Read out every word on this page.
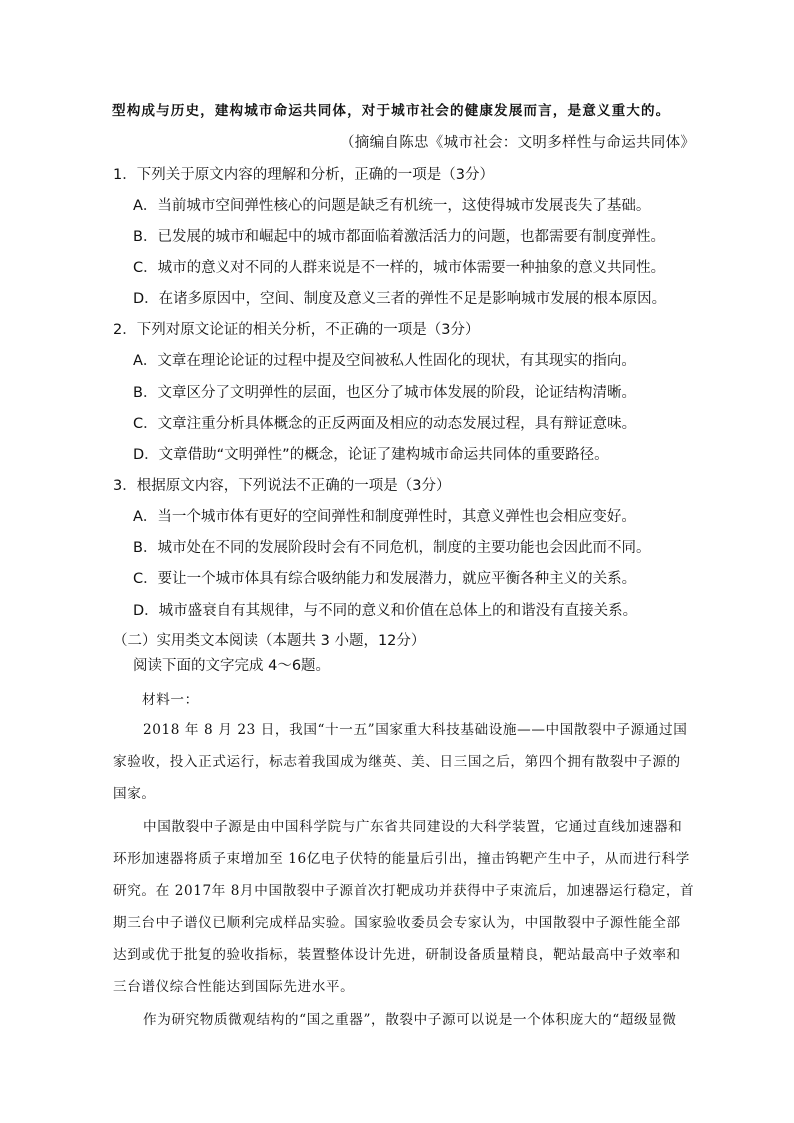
型构成与历史，建构城市命运共同体，对于城市社会的健康发展而言，是意义重大的。
（摘编自陈忠《城市社会：文明多样性与命运共同体》
1．下列关于原文内容的理解和分析，正确的一项是（3分）
A．当前城市空间弹性核心的问题是缺乏有机统一，这使得城市发展丧失了基础。
B．已发展的城市和崛起中的城市都面临着激活活力的问题，也都需要有制度弹性。
C．城市的意义对不同的人群来说是不一样的，城市体需要一种抽象的意义共同性。
D．在诸多原因中，空间、制度及意义三者的弹性不足是影响城市发展的根本原因。
2．下列对原文论证的相关分析，不正确的一项是（3分）
A．文章在理论论证的过程中提及空间被私人性固化的现状，有其现实的指向。
B．文章区分了文明弹性的层面，也区分了城市体发展的阶段，论证结构清晰。
C．文章注重分析具体概念的正反两面及相应的动态发展过程，具有辩证意味。
D．文章借助“文明弹性”的概念，论证了建构城市命运共同体的重要路径。
3．根据原文内容，下列说法不正确的一项是（3分）
A．当一个城市体有更好的空间弹性和制度弹性时，其意义弹性也会相应变好。
B．城市处在不同的发展阶段时会有不同危机，制度的主要功能也会因此而不同。
C．要让一个城市体具有综合吸纳能力和发展潜力，就应平衡各种主义的关系。
D．城市盛衰自有其规律，与不同的意义和价值在总体上的和谐没有直接关系。
（二）实用类文本阅读（本题共 3 小题，12分）
阅读下面的文字完成 4～6题。
材料一：
2018 年 8 月 23 日，我国“十一五”国家重大科技基础设施——中国散裂中子源通过国
家验收，投入正式运行，标志着我国成为继英、美、日三国之后，第四个拥有散裂中子源的
国家。
中国散裂中子源是由中国科学院与广东省共同建设的大科学装置，它通过直线加速器和
环形加速器将质子束增加至 16亿电子伏特的能量后引出，撞击钨靶产生中子，从而进行科学
研究。在 2017年 8月中国散裂中子源首次打靶成功并获得中子束流后，加速器运行稳定，首
期三台中子谱仪已顺利完成样品实验。国家验收委员会专家认为，中国散裂中子源性能全部
达到或优于批复的验收指标，装置整体设计先进，研制设备质量精良，靶站最高中子效率和
三台谱仪综合性能达到国际先进水平。
作为研究物质微观结构的“国之重器”，散裂中子源可以说是一个体积庞大的“超级显微
